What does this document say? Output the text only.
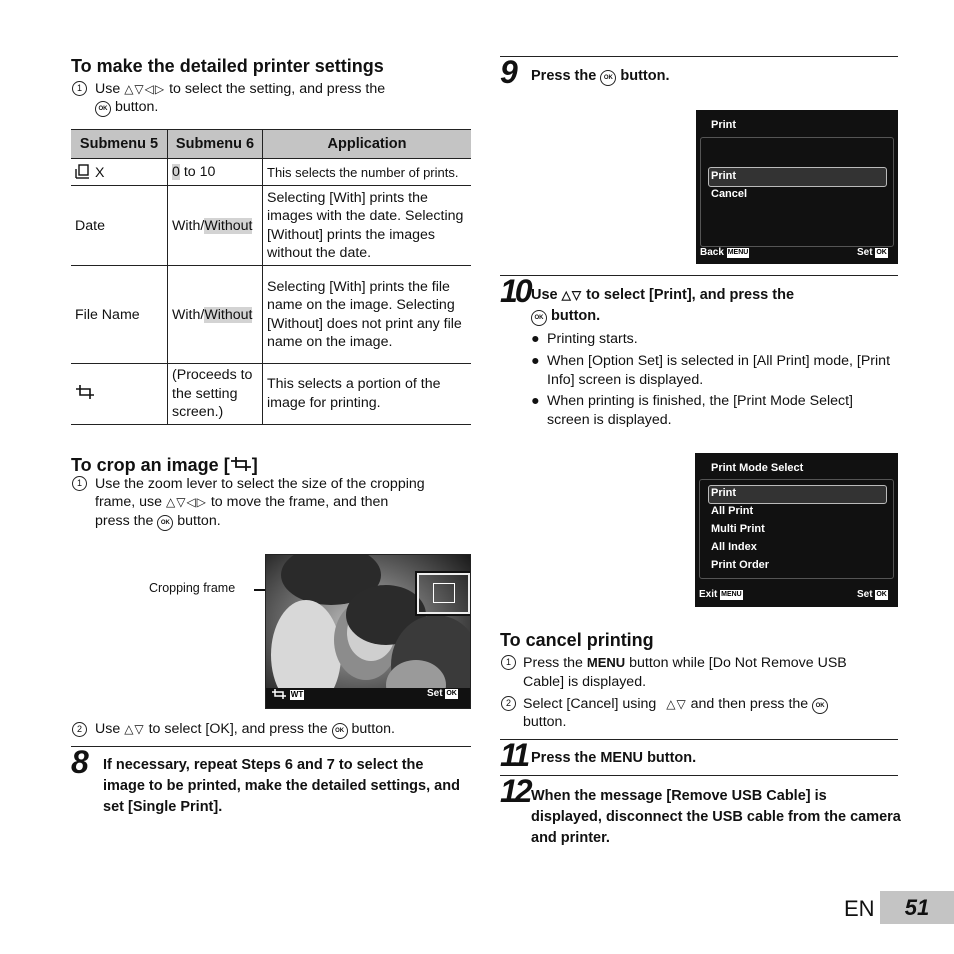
To make the detailed printer settings
1 Use △▽◁▷ to select the setting, and press the
OK button.
Submenu 5	Submenu 6	Application
X	0 to 10	This selects the number of prints.
Date	With/Without	Selecting [With] prints the images with the date. Selecting [Without] prints the images without the date.
File Name	With/Without	Selecting [With] prints the file name on the image. Selecting [Without] does not print any file name on the image.
	(Proceeds to the setting screen.)	This selects a portion of the image for printing.
To crop an image [ ]
1 Use the zoom lever to select the size of the cropping
frame, use △▽◁▷ to move the frame, and then
press the OK button.
Cropping frame
WT	Set OK
2 Use △▽ to select [OK], and press the OK button.
8 If necessary, repeat Steps 6 and 7 to select the image to be printed, make the detailed settings, and set [Single Print].
9 Press the OK button.
Print
Print
Cancel
Back MENU	Set OK
10 Use △▽ to select [Print], and press the
OK button.
● Printing starts.
● When [Option Set] is selected in [All Print] mode, [Print Info] screen is displayed.
● When printing is finished, the [Print Mode Select] screen is displayed.
Print Mode Select
Print
All Print
Multi Print
All Index
Print Order
Exit MENU	Set OK
To cancel printing
1 Press the MENU button while [Do Not Remove USB
Cable] is displayed.
2 Select [Cancel] using △▽ and then press the OK
button.
11 Press the MENU button.
12 When the message [Remove USB Cable] is displayed, disconnect the USB cable from the camera and printer.
EN	51
